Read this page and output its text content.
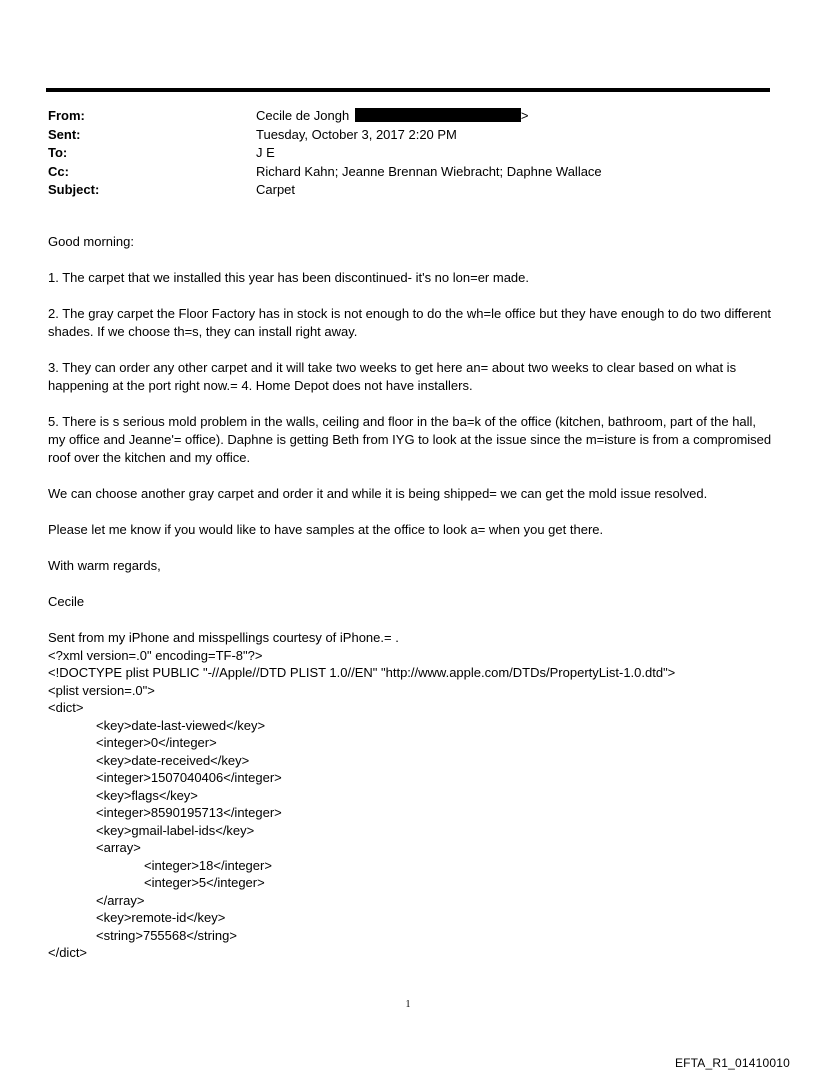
From:	Cecile de Jongh	>
Sent:	Tuesday, October 3, 2017 2:20 PM
To:	J E
Cc:	Richard Kahn; Jeanne Brennan Wiebracht; Daphne Wallace
Subject:	Carpet

Good morning:

1. The carpet that we installed this year has been discontinued- it's no lon=er made.

2. The gray carpet the Floor Factory has in stock is not enough to do the wh=le office but they have enough to do two different shades. If we choose th=s, they can install right away.

3. They can order any other carpet and it will take two weeks to get here an= about two weeks to clear based on what is happening at the port right now.= 4. Home Depot does not have installers.

5. There is s serious mold problem in the walls, ceiling and floor in the ba=k of the office (kitchen, bathroom, part of the hall, my office and Jeanne'= office). Daphne is getting Beth from IYG to look at the issue since the m=isture is from a compromised roof over the kitchen and my office.

We can choose another gray carpet and order it and while it is being shipped= we can get the mold issue resolved.

Please let me know if you would like to have samples at the office to look a= when you get there.

With warm regards,

Cecile

Sent from my iPhone and misspellings courtesy of iPhone.= .
<?xml version=.0" encoding=TF-8"?>
<!DOCTYPE plist PUBLIC "-//Apple//DTD PLIST 1.0//EN" "http://www.apple.com/DTDs/PropertyList-1.0.dtd">
<plist version=.0">
<dict>
<key>date-last-viewed</key>
<integer>0</integer>
<key>date-received</key>
<integer>1507040406</integer>
<key>flags</key>
<integer>8590195713</integer>
<key>gmail-label-ids</key>
<array>
<integer>18</integer>
<integer>5</integer>
</array>
<key>remote-id</key>
<string>755568</string>
</dict>
1
EFTA_R1_01410010
